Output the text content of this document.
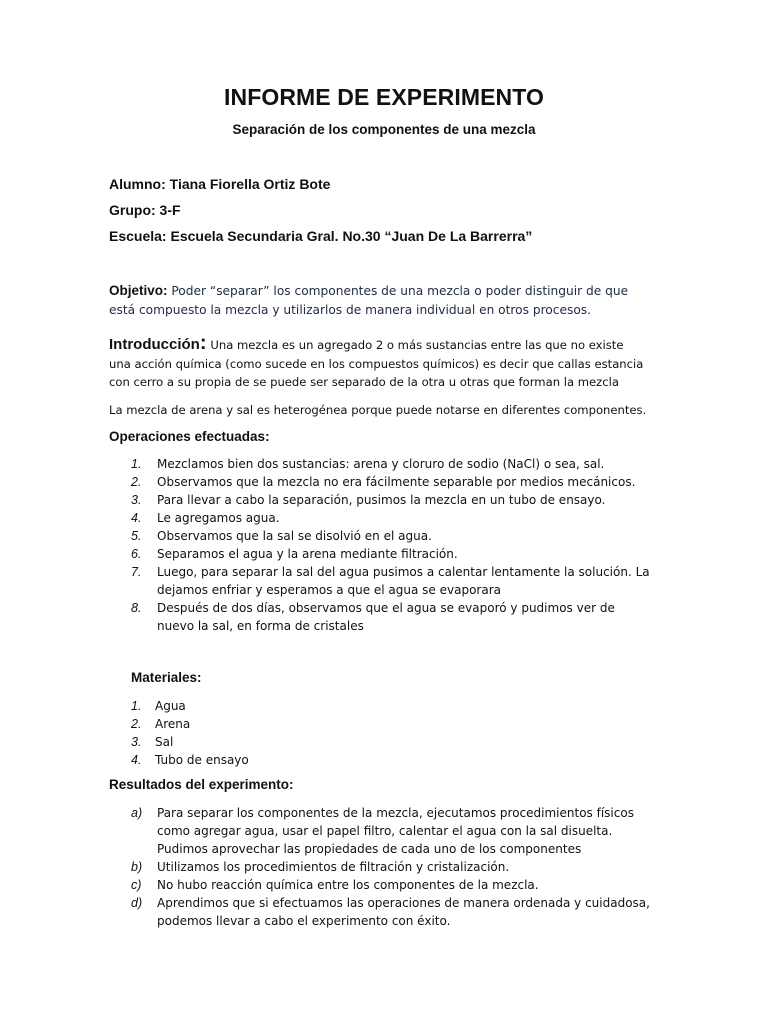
INFORME DE EXPERIMENTO
Separación de los componentes de una mezcla
Alumno: Tiana Fiorella Ortiz Bote
Grupo: 3-F
Escuela: Escuela Secundaria Gral. No.30 “Juan De La Barrerra”
Objetivo: Poder “separar” los componentes de una mezcla o poder distinguir de que está compuesto la mezcla y utilizarlos de manera individual en otros procesos.
Introducción: Una mezcla es un agregado 2 o más sustancias entre las que no existe una acción química (como sucede en los compuestos químicos) es decir que callas estancia con cerro a su propia de se puede ser separado de la otra u otras que forman la mezcla
La mezcla de arena y sal es heterogénea porque puede notarse en diferentes componentes.
Operaciones efectuadas:
1. Mezclamos bien dos sustancias: arena y cloruro de sodio (NaCl) o sea, sal.
2. Observamos que la mezcla no era fácilmente separable por medios mecánicos.
3. Para llevar a cabo la separación, pusimos la mezcla en un tubo de ensayo.
4. Le agregamos agua.
5. Observamos que la sal se disolvió en el agua.
6. Separamos el agua y la arena mediante filtración.
7. Luego, para separar la sal del agua pusimos a calentar lentamente la solución. La dejamos enfriar y esperamos a que el agua se evaporara
8. Después de dos días, observamos que el agua se evaporó y pudimos ver de nuevo la sal, en forma de cristales
Materiales:
1. Agua
2. Arena
3. Sal
4. Tubo de ensayo
Resultados del experimento:
a) Para separar los componentes de la mezcla, ejecutamos procedimientos físicos como agregar agua, usar el papel filtro, calentar el agua con la sal disuelta. Pudimos aprovechar las propiedades de cada uno de los componentes
b) Utilizamos los procedimientos de filtración y cristalización.
c) No hubo reacción química entre los componentes de la mezcla.
d) Aprendimos que si efectuamos las operaciones de manera ordenada y cuidadosa, podemos llevar a cabo el experimento con éxito.
